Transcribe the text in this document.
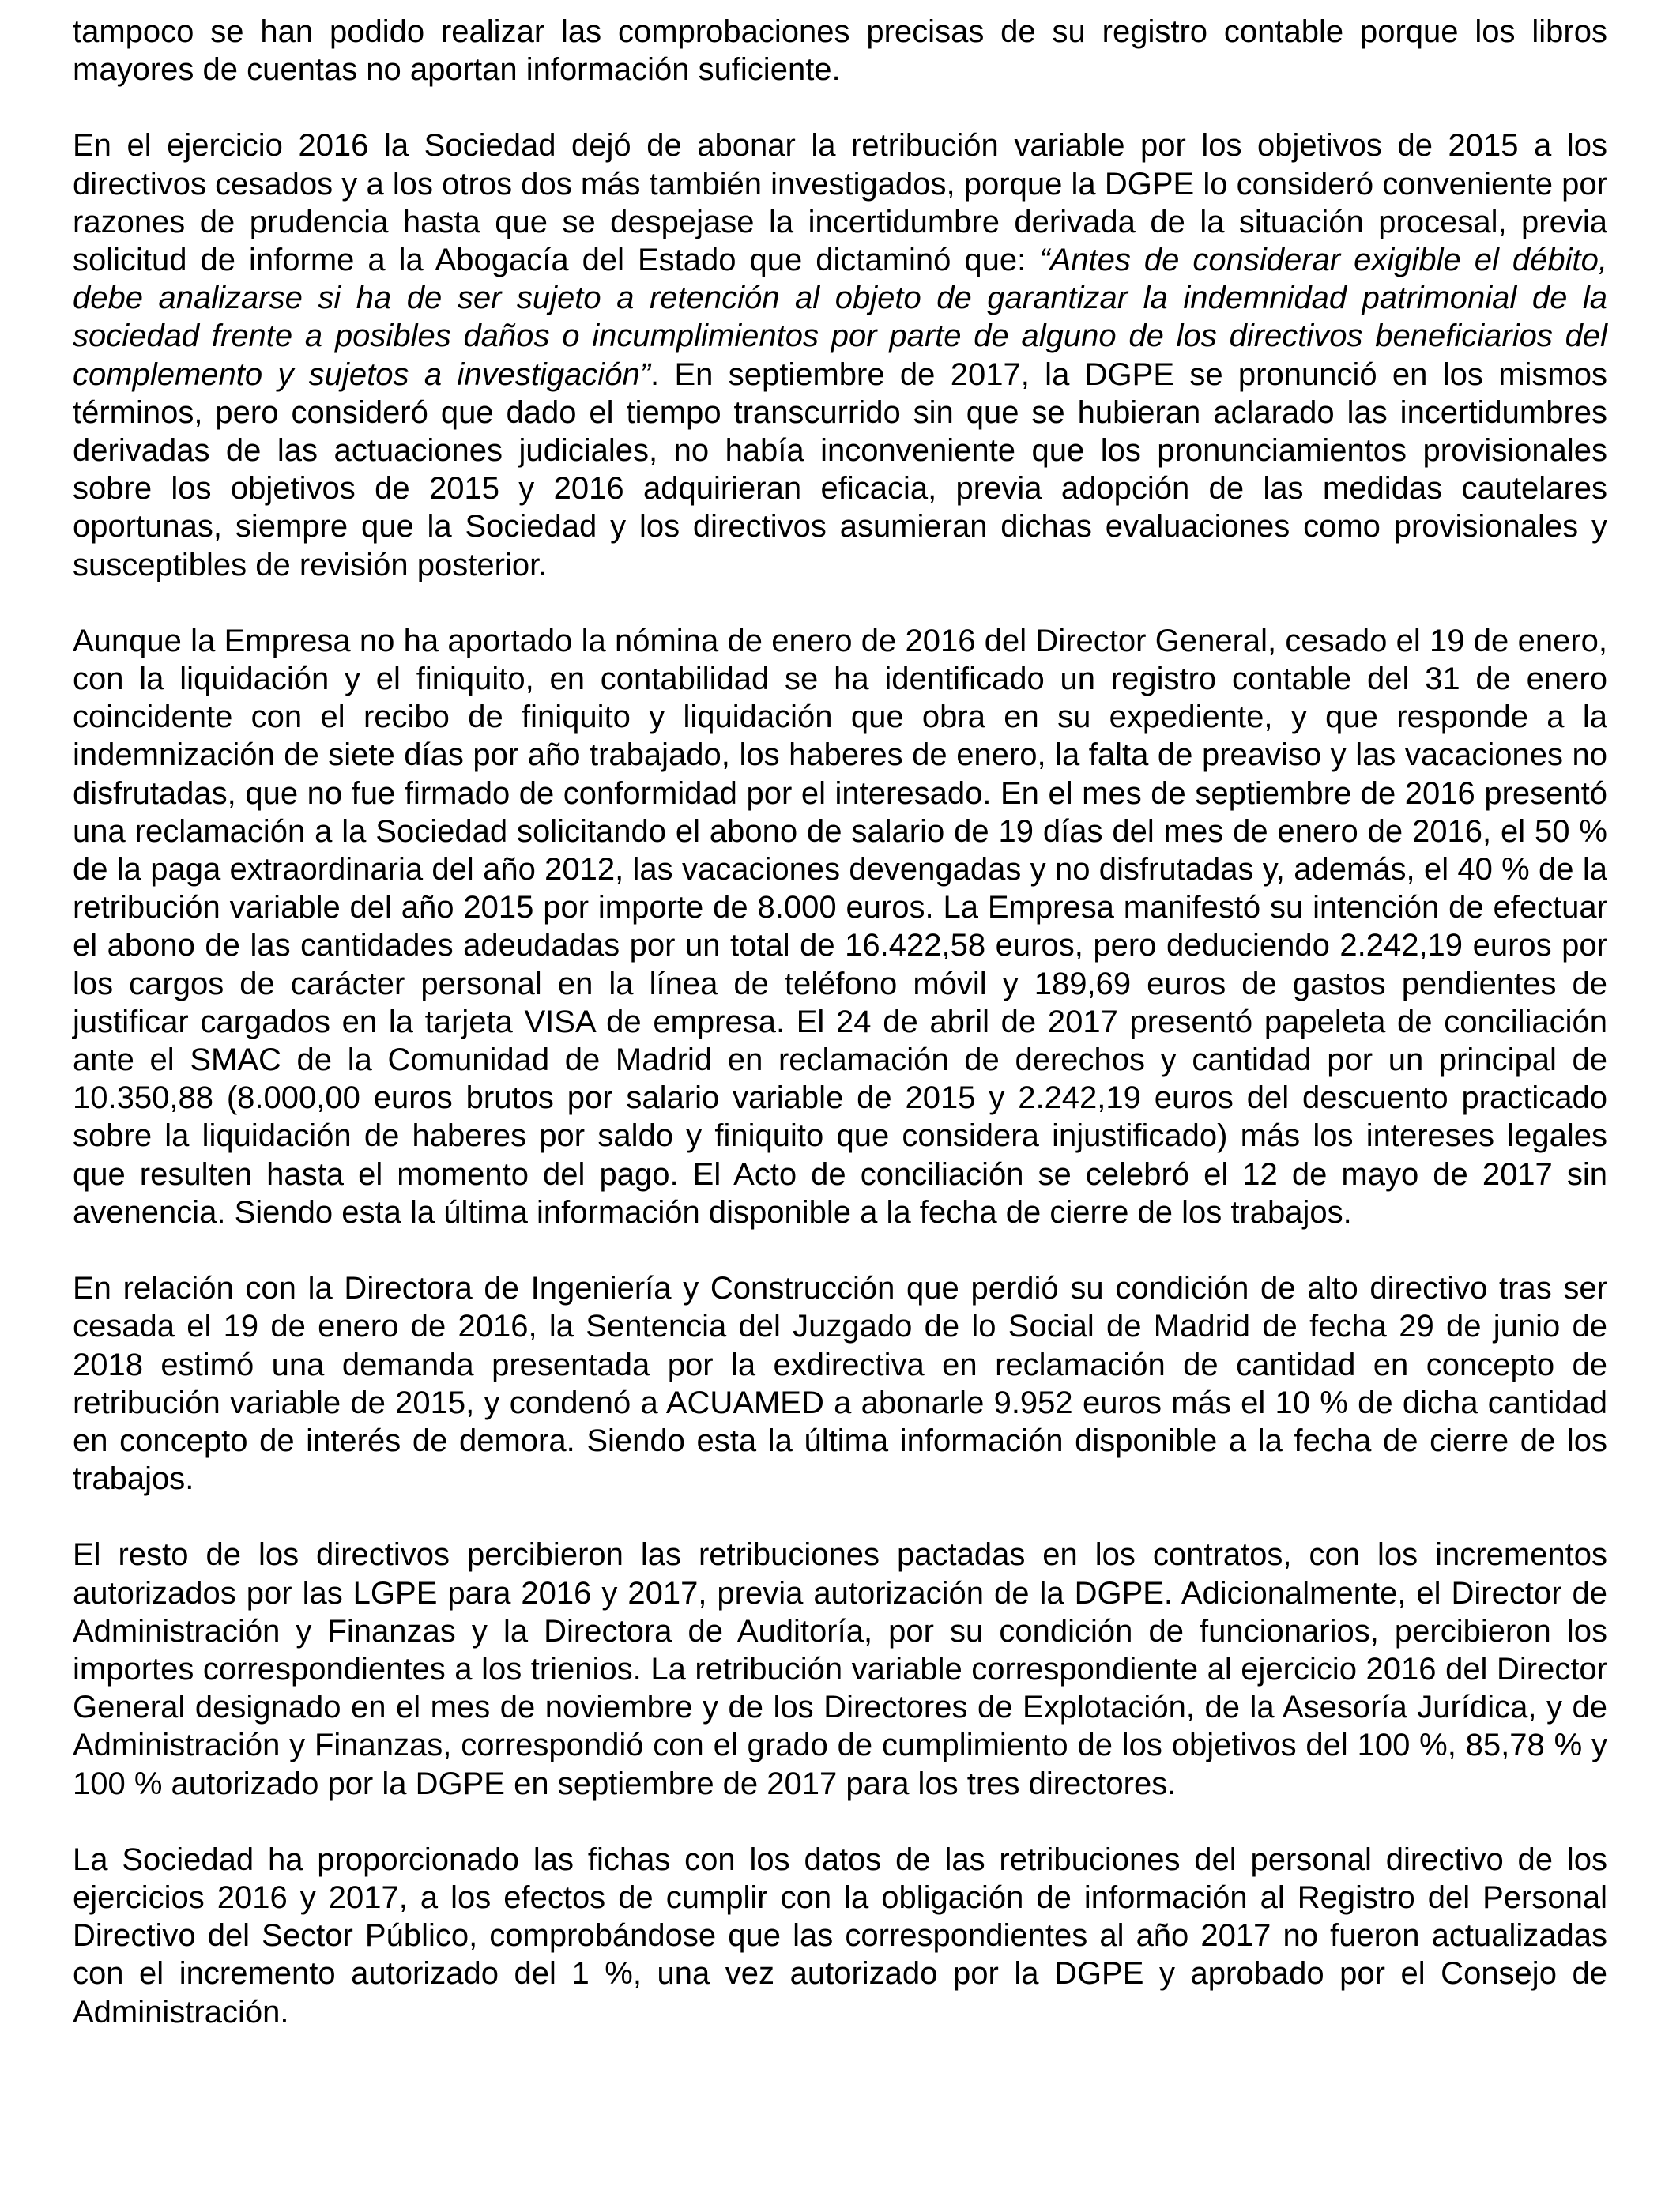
tampoco se han podido realizar las comprobaciones precisas de su registro contable porque los libros mayores de cuentas no aportan información suficiente.

En el ejercicio 2016 la Sociedad dejó de abonar la retribución variable por los objetivos de 2015 a los directivos cesados y a los otros dos más también investigados, porque la DGPE lo consideró conveniente por razones de prudencia hasta que se despejase la incertidumbre derivada de la situación procesal, previa solicitud de informe a la Abogacía del Estado que dictaminó que: “Antes de considerar exigible el débito, debe analizarse si ha de ser sujeto a retención al objeto de garantizar la indemnidad patrimonial de la sociedad frente a posibles daños o incumplimientos por parte de alguno de los directivos beneficiarios del complemento y sujetos a investigación”. En septiembre de 2017, la DGPE se pronunció en los mismos términos, pero consideró que dado el tiempo transcurrido sin que se hubieran aclarado las incertidumbres derivadas de las actuaciones judiciales, no había inconveniente que los pronunciamientos provisionales sobre los objetivos de 2015 y 2016 adquirieran eficacia, previa adopción de las medidas cautelares oportunas, siempre que la Sociedad y los directivos asumieran dichas evaluaciones como provisionales y susceptibles de revisión posterior.

Aunque la Empresa no ha aportado la nómina de enero de 2016 del Director General, cesado el 19 de enero, con la liquidación y el finiquito, en contabilidad se ha identificado un registro contable del 31 de enero coincidente con el recibo de finiquito y liquidación que obra en su expediente, y que responde a la indemnización de siete días por año trabajado, los haberes de enero, la falta de preaviso y las vacaciones no disfrutadas, que no fue firmado de conformidad por el interesado. En el mes de septiembre de 2016 presentó una reclamación a la Sociedad solicitando el abono de salario de 19 días del mes de enero de 2016, el 50 % de la paga extraordinaria del año 2012, las vacaciones devengadas y no disfrutadas y, además, el 40 % de la retribución variable del año 2015 por importe de 8.000 euros. La Empresa manifestó su intención de efectuar el abono de las cantidades adeudadas por un total de 16.422,58 euros, pero deduciendo 2.242,19 euros por los cargos de carácter personal en la línea de teléfono móvil y 189,69 euros de gastos pendientes de justificar cargados en la tarjeta VISA de empresa. El 24 de abril de 2017 presentó papeleta de conciliación ante el SMAC de la Comunidad de Madrid en reclamación de derechos y cantidad por un principal de 10.350,88 (8.000,00 euros brutos por salario variable de 2015 y 2.242,19 euros del descuento practicado sobre la liquidación de haberes por saldo y finiquito que considera injustificado) más los intereses legales que resulten hasta el momento del pago. El Acto de conciliación se celebró el 12 de mayo de 2017 sin avenencia. Siendo esta la última información disponible a la fecha de cierre de los trabajos.

En relación con la Directora de Ingeniería y Construcción que perdió su condición de alto directivo tras ser cesada el 19 de enero de 2016, la Sentencia del Juzgado de lo Social de Madrid de fecha 29 de junio de 2018 estimó una demanda presentada por la exdirectiva en reclamación de cantidad en concepto de retribución variable de 2015, y condenó a ACUAMED a abonarle 9.952 euros más el 10 % de dicha cantidad en concepto de interés de demora. Siendo esta la última información disponible a la fecha de cierre de los trabajos.

El resto de los directivos percibieron las retribuciones pactadas en los contratos, con los incrementos autorizados por las LGPE para 2016 y 2017, previa autorización de la DGPE. Adicionalmente, el Director de Administración y Finanzas y la Directora de Auditoría, por su condición de funcionarios, percibieron los importes correspondientes a los trienios. La retribución variable correspondiente al ejercicio 2016 del Director General designado en el mes de noviembre y de los Directores de Explotación, de la Asesoría Jurídica, y de Administración y Finanzas, correspondió con el grado de cumplimiento de los objetivos del 100 %, 85,78 % y 100 % autorizado por la DGPE en septiembre de 2017 para los tres directores.

La Sociedad ha proporcionado las fichas con los datos de las retribuciones del personal directivo de los ejercicios 2016 y 2017, a los efectos de cumplir con la obligación de información al Registro del Personal Directivo del Sector Público, comprobándose que las correspondientes al año 2017 no fueron actualizadas con el incremento autorizado del 1 %, una vez autorizado por la DGPE y aprobado por el Consejo de Administración.
